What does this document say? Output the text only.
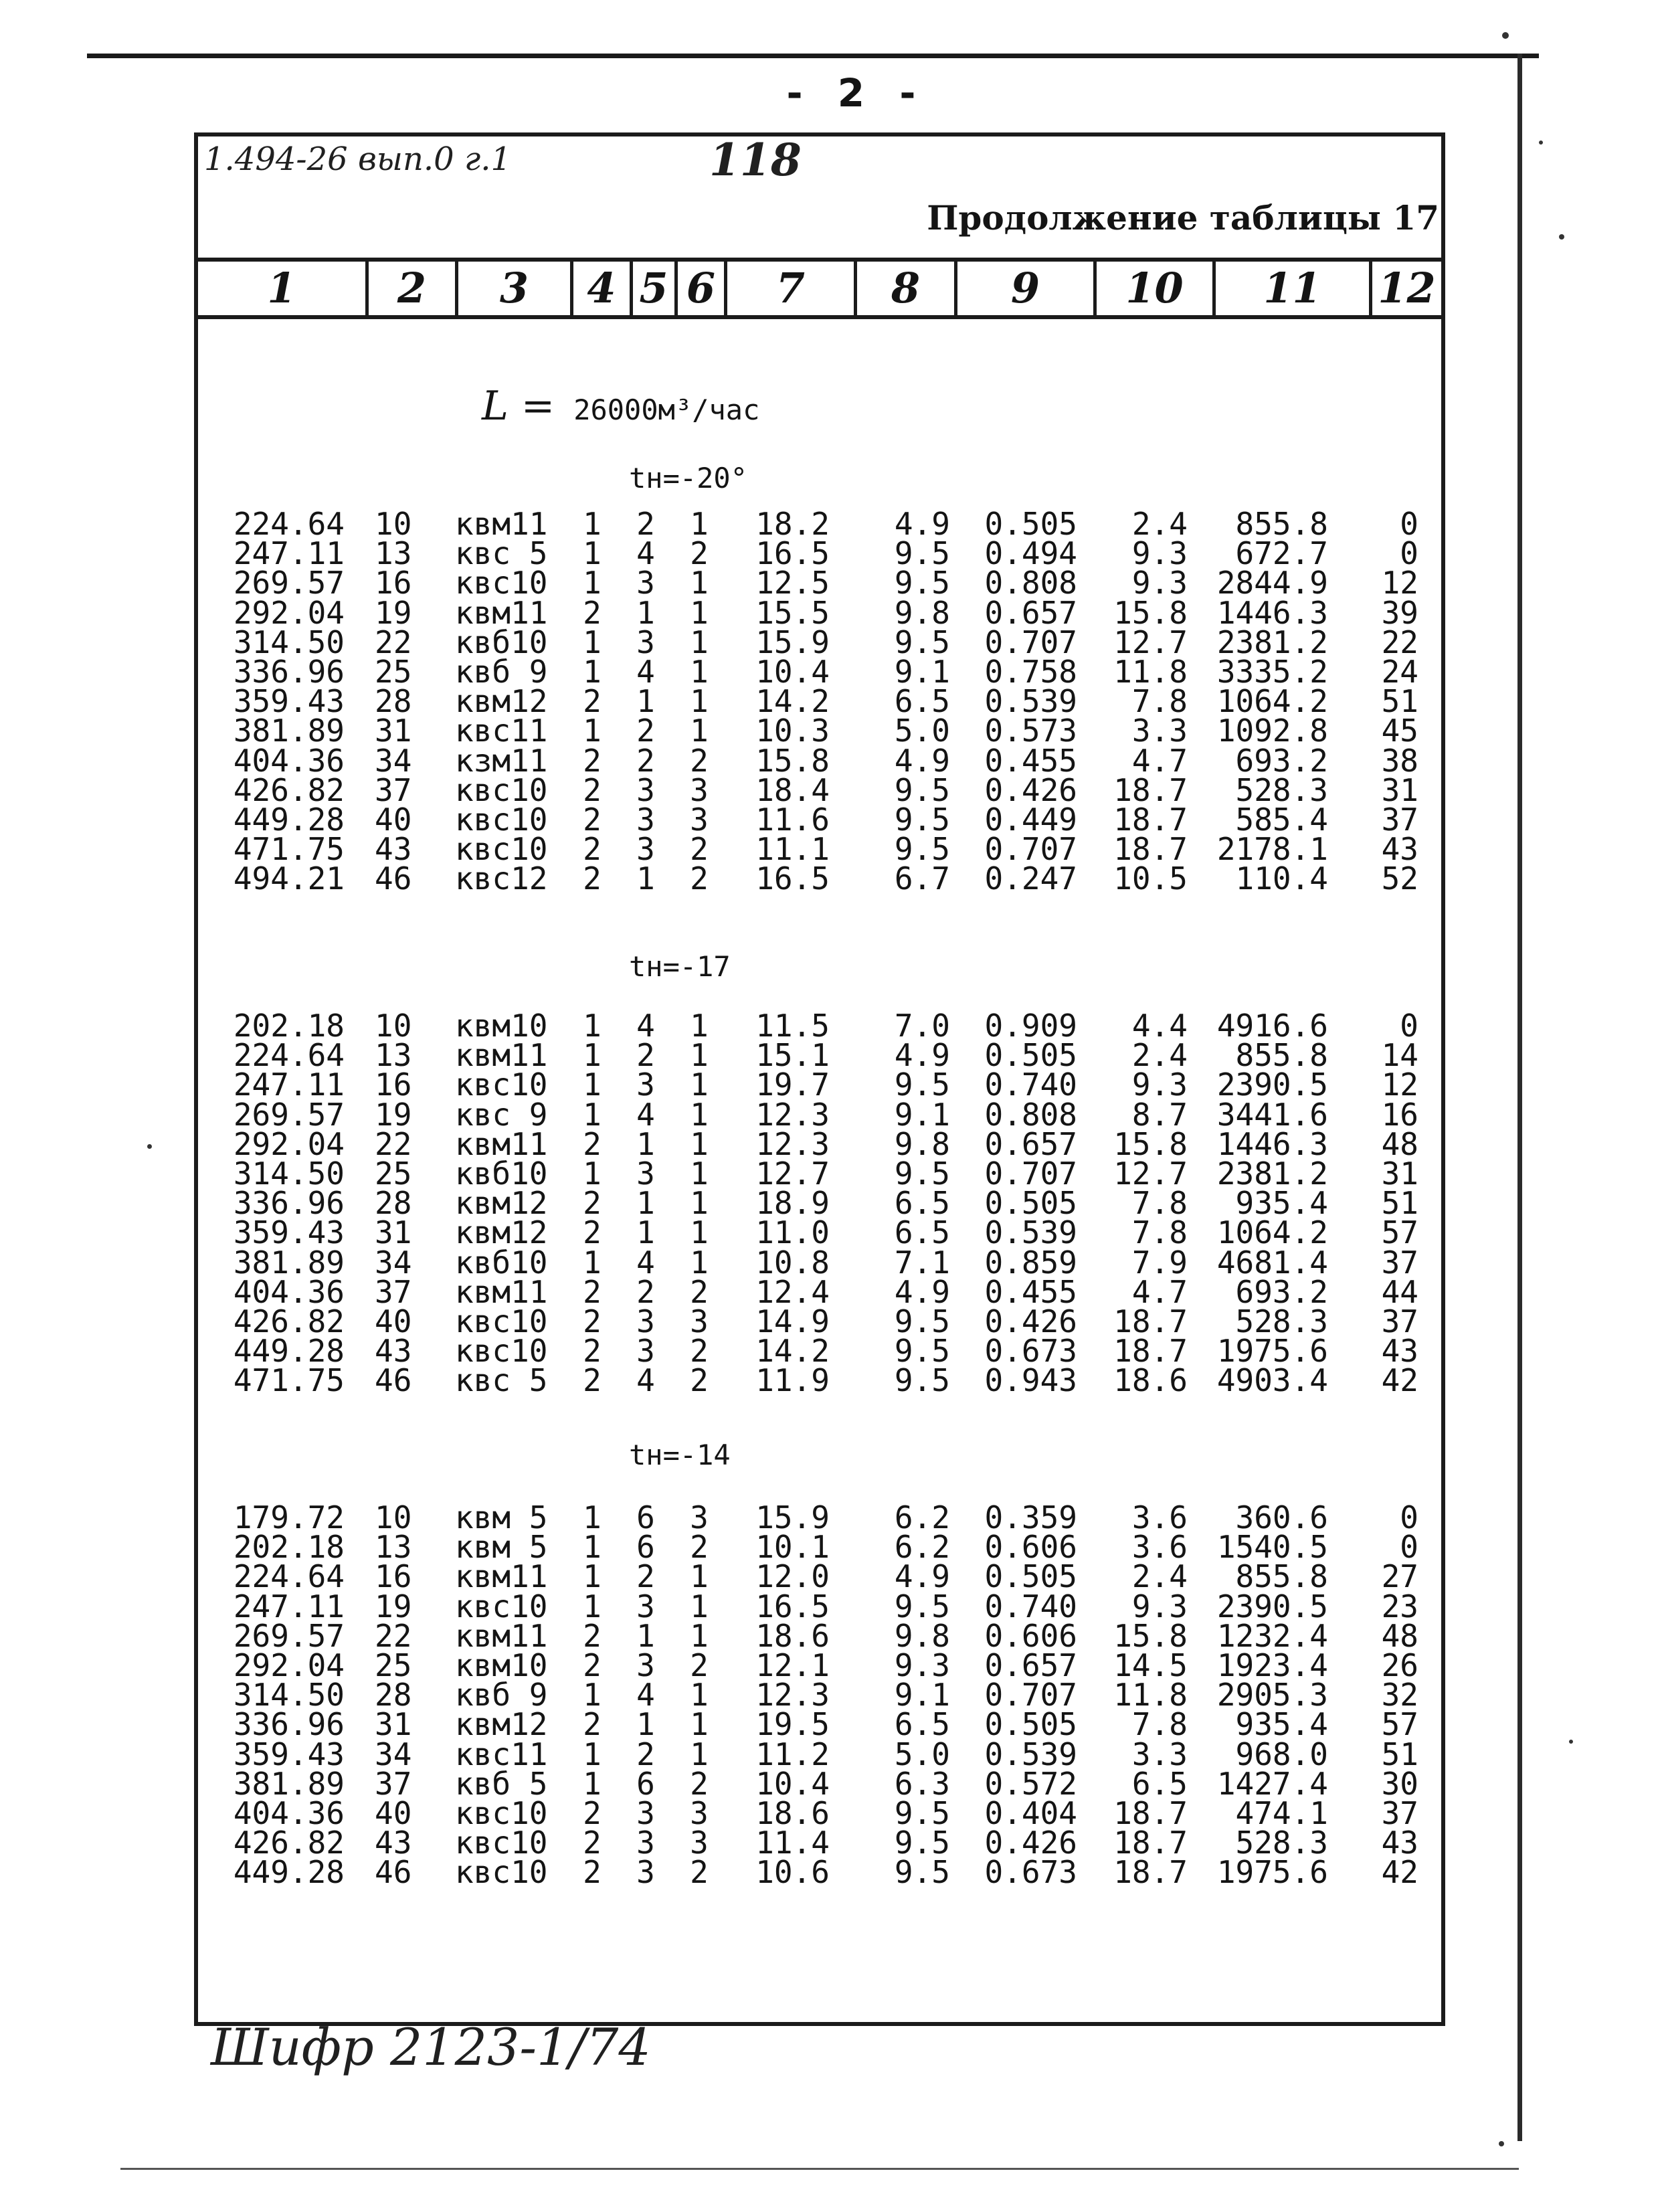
- 2 -
1.494-26 вып.0 г.1	118
Продолжение таблицы 17
1	2	3	4 5 6	7	8	9	10	11	12
L = 26000м³/час
tн=-20°
224.64 10	квм11	1 2 1	18.2	4.9	0.505	2.4	855.8	0
247.11 13	квс 5	1 4 2	16.5	9.5	0.494	9.3	672.7	0
269.57 16	квс10	1 3 1	12.5	9.5	0.808	9.3 2844.9	12
292.04 19	квм11	2 1 1	15.5	9.8	0.657	15.8 1446.3	39
314.50 22	квб10	1 3 1	15.9	9.5	0.707	12.7 2381.2	22
336.96 25	квб 9	1 4 1	10.4	9.1	0.758	11.8 3335.2	24
359.43 28	квм12	2 1 1	14.2	6.5	0.539	7.8 1064.2	51
381.89 31	квс11	1 2 1	10.3	5.0	0.573	3.3 1092.8	45
404.36 34	кзм11	2 2 2	15.8	4.9	0.455	4.7	693.2	38
426.82 37	квс10	2 3 3	18.4	9.5	0.426	18.7	528.3	31
449.28 40	квс10	2 3 3	11.6	9.5	0.449	18.7	585.4	37
471.75 43	квс10	2 3 2	11.1	9.5	0.707	18.7 2178.1	43
494.21 46	квс12	2 1 2	16.5	6.7	0.247	10.5	110.4	52
tн=-17
202.18 10	квм10	1 4 1	11.5	7.0	0.909	4.4 4916.6	0
224.64 13	квм11	1 2 1	15.1	4.9	0.505	2.4	855.8	14
247.11 16	квс10	1 3 1	19.7	9.5	0.740	9.3 2390.5	12
269.57 19	квс 9	1 4 1	12.3	9.1	0.808	8.7 3441.6	16
292.04 22	квм11	2 1 1	12.3	9.8	0.657	15.8 1446.3	48
314.50 25	квб10	1 3 1	12.7	9.5	0.707	12.7 2381.2	31
336.96 28	квм12	2 1 1	18.9	6.5	0.505	7.8	935.4	51
359.43 31	квм12	2 1 1	11.0	6.5	0.539	7.8 1064.2	57
381.89 34	квб10	1 4 1	10.8	7.1	0.859	7.9 4681.4	37
404.36 37	квм11	2 2 2	12.4	4.9	0.455	4.7	693.2	44
426.82 40	квс10	2 3 3	14.9	9.5	0.426	18.7	528.3	37
449.28 43	квс10	2 3 2	14.2	9.5	0.673	18.7 1975.6	43
471.75 46	квс 5	2 4 2	11.9	9.5	0.943	18.6 4903.4	42
tн=-14
179.72 10	квм 5	1 6 3	15.9	6.2	0.359	3.6	360.6	0
202.18 13	квм 5	1 6 2	10.1	6.2	0.606	3.6 1540.5	0
224.64 16	квм11	1 2 1	12.0	4.9	0.505	2.4	855.8	27
247.11 19	квс10	1 3 1	16.5	9.5	0.740	9.3 2390.5	23
269.57 22	квм11	2 1 1	18.6	9.8	0.606	15.8 1232.4	48
292.04 25	квм10	2 3 2	12.1	9.3	0.657	14.5 1923.4	26
314.50 28	квб 9	1 4 1	12.3	9.1	0.707	11.8 2905.3	32
336.96 31	квм12	2 1 1	19.5	6.5	0.505	7.8	935.4	57
359.43 34	квс11	1 2 1	11.2	5.0	0.539	3.3	968.0	51
381.89 37	квб 5	1 6 2	10.4	6.3	0.572	6.5 1427.4	30
404.36 40	квс10	2 3 3	18.6	9.5	0.404	18.7	474.1	37
426.82 43	квс10	2 3 3	11.4	9.5	0.426	18.7	528.3	43
449.28 46	квс10	2 3 2	10.6	9.5	0.673	18.7 1975.6	42
Шифр 2123-1/74
